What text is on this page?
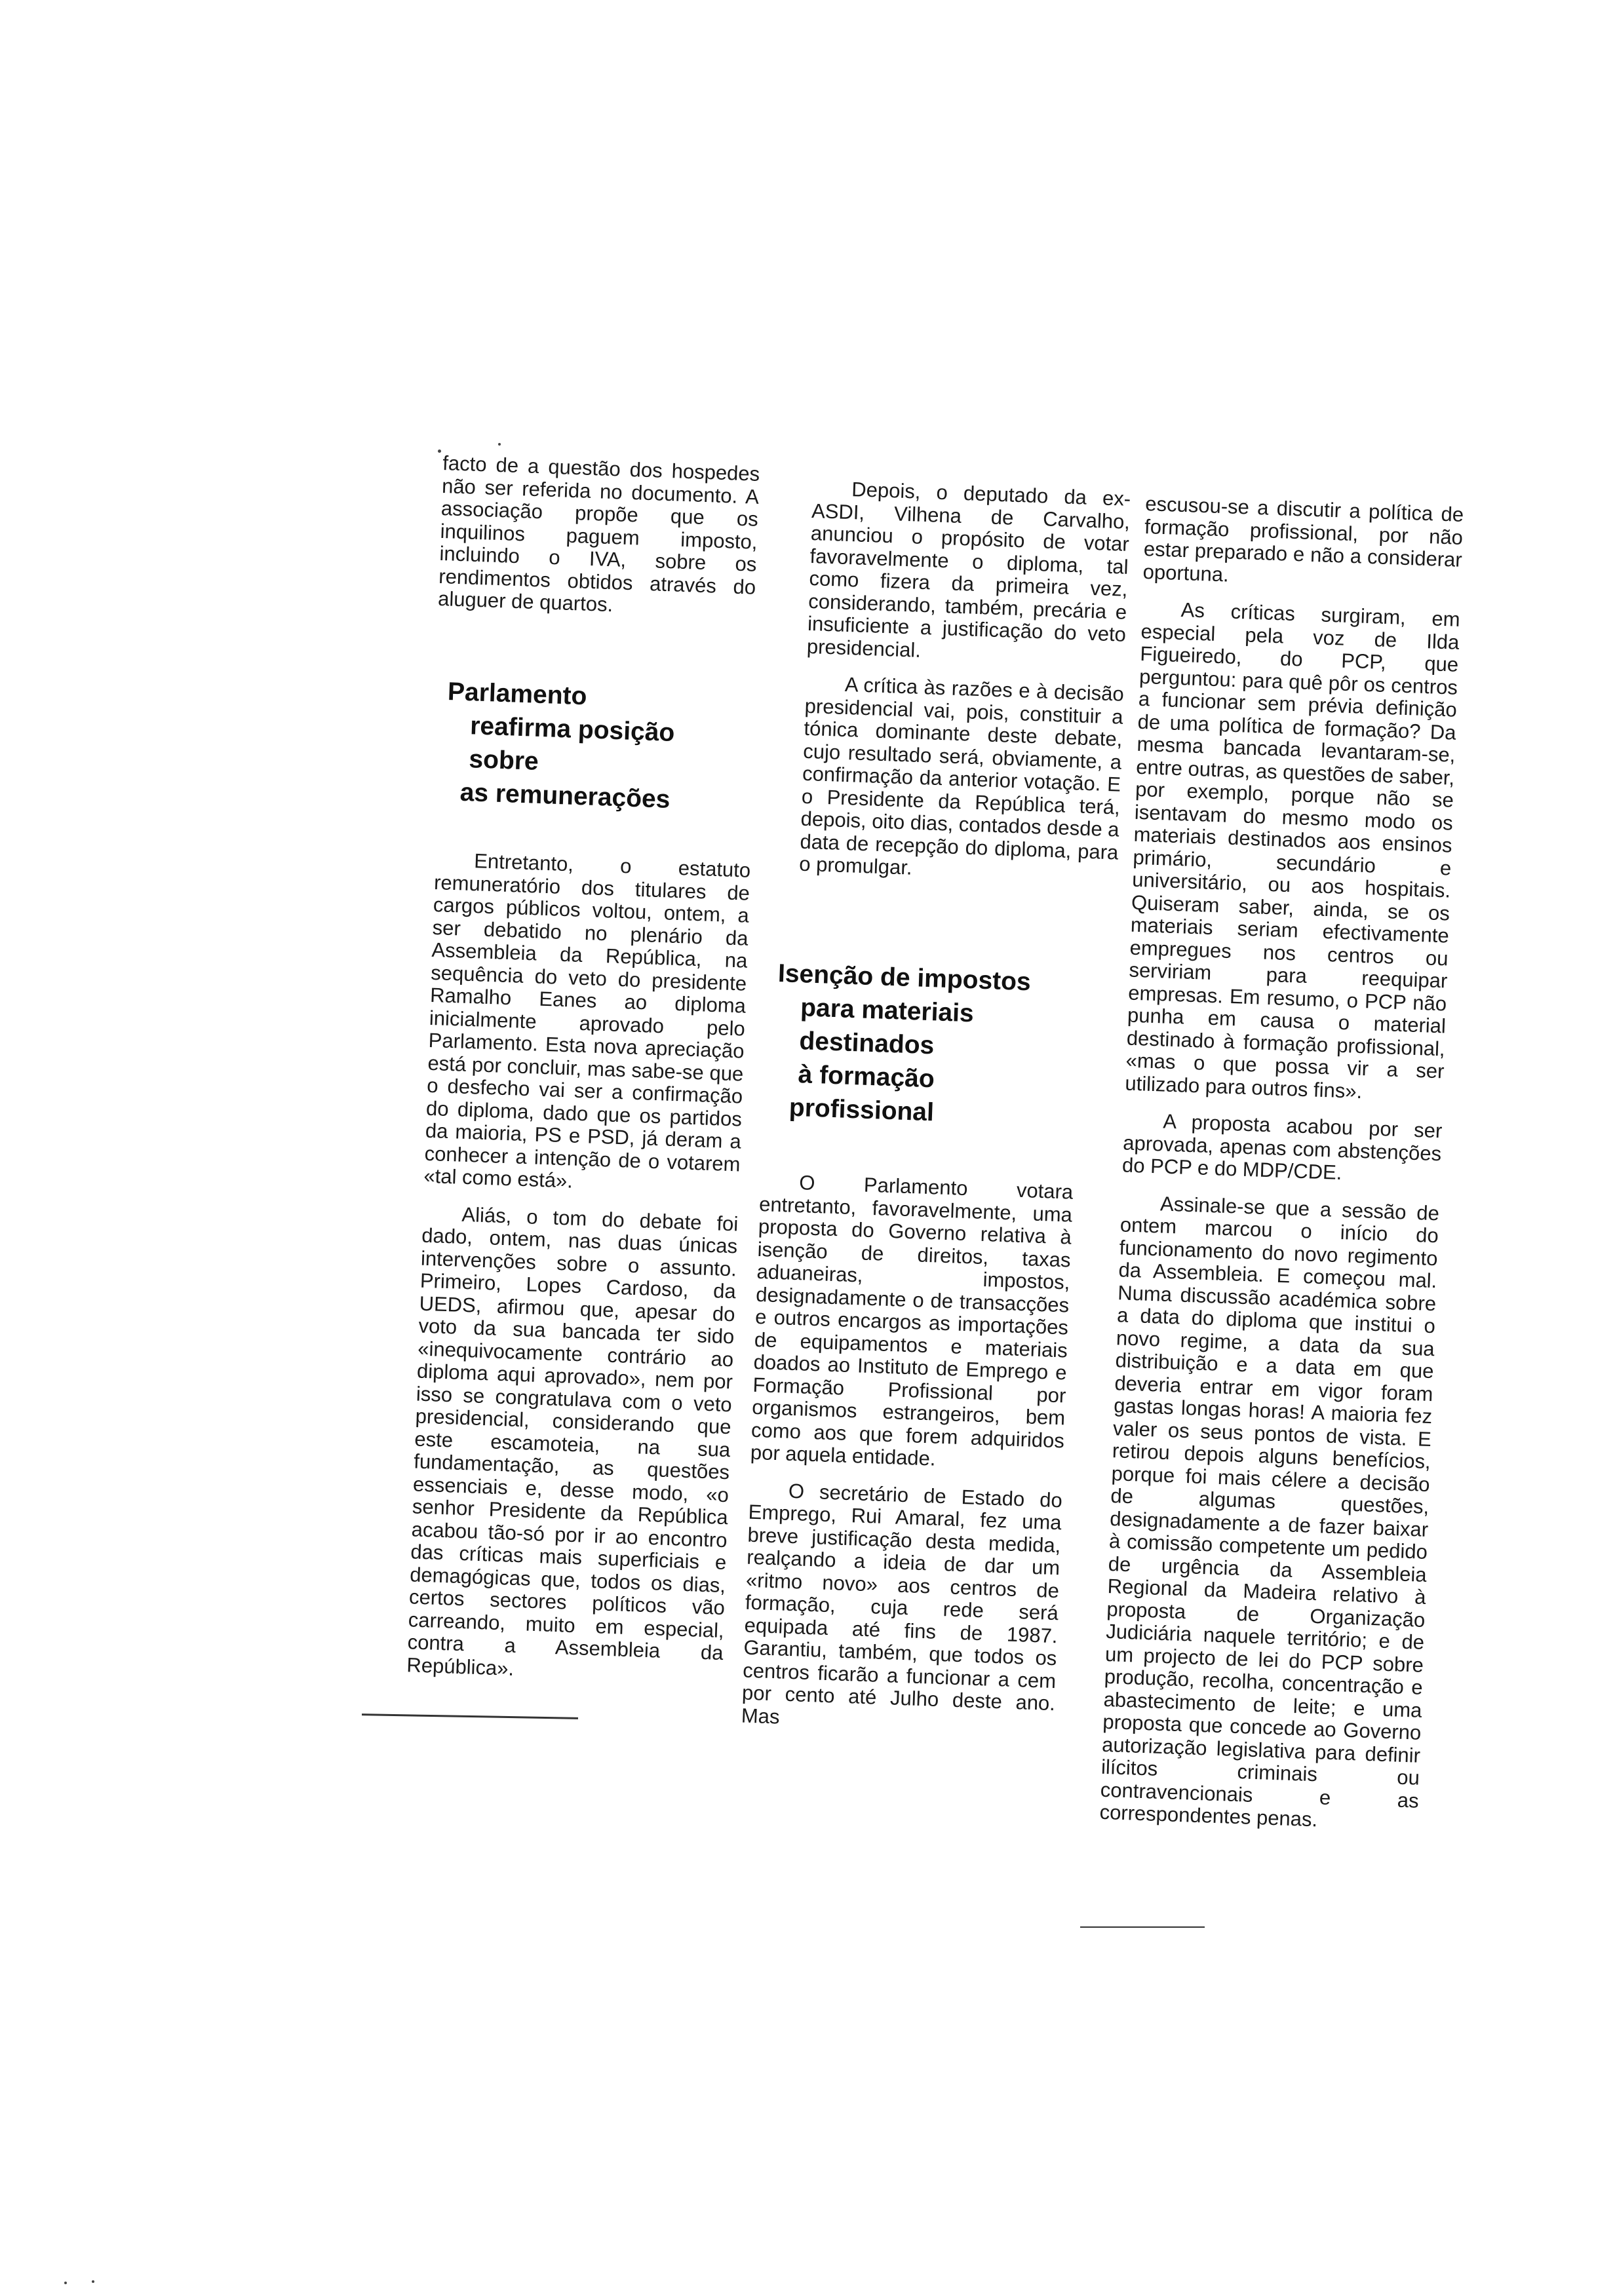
facto de a questão dos hospedes não ser referida no documento. A associação propõe que os inquilinos paguem imposto, incluindo o IVA, sobre os rendimentos obtidos através do aluguer de quartos.

Parlamento
reafirma posição
sobre
as remunerações

Entretanto, o estatuto remuneratório dos titulares de cargos públicos voltou, ontem, a ser debatido no plenário da Assembleia da República, na sequência do veto do presidente Ramalho Eanes ao diploma inicialmente aprovado pelo Parlamento. Esta nova apreciação está por concluir, mas sabe-se que o desfecho vai ser a confirmação do diploma, dado que os partidos da maioria, PS e PSD, já deram a conhecer a intenção de o votarem «tal como está».

Aliás, o tom do debate foi dado, ontem, nas duas únicas intervenções sobre o assunto. Primeiro, Lopes Cardoso, da UEDS, afirmou que, apesar do voto da sua bancada ter sido «inequivocamente contrário ao diploma aqui aprovado», nem por isso se congratulava com o veto presidencial, considerando que este escamoteia, na sua fundamentação, as questões essenciais e, desse modo, «o senhor Presidente da República acabou tão-só por ir ao encontro das críticas mais superficiais e demagógicas que, todos os dias, certos sectores políticos vão carreando, muito em especial, contra a Assembleia da República».

Depois, o deputado da ex-ASDI, Vilhena de Carvalho, anunciou o propósito de votar favoravelmente o diploma, tal como fizera da primeira vez, considerando, também, precária e insuficiente a justificação do veto presidencial.

A crítica às razões e à decisão presidencial vai, pois, constituir a tónica dominante deste debate, cujo resultado será, obviamente, a confirmação da anterior votação. E o Presidente da República terá, depois, oito dias, contados desde a data de recepção do diploma, para o promulgar.

Isenção de impostos
para materiais
destinados
à formação
profissional

O Parlamento votara entretanto, favoravelmente, uma proposta do Governo relativa à isenção de direitos, taxas aduaneiras, impostos, designadamente o de transacções e outros encargos as importações de equipamentos e materiais doados ao Instituto de Emprego e Formação Profissional por organismos estrangeiros, bem como aos que forem adquiridos por aquela entidade.

O secretário de Estado do Emprego, Rui Amaral, fez uma breve justificação desta medida, realçando a ideia de dar um «ritmo novo» aos centros de formação, cuja rede será equipada até fins de 1987. Garantiu, também, que todos os centros ficarão a funcionar a cem por cento até Julho deste ano. Mas

escusou-se a discutir a política de formação profissional, por não estar preparado e não a considerar oportuna.

As críticas surgiram, em especial pela voz de Ilda Figueiredo, do PCP, que perguntou: para quê pôr os centros a funcionar sem prévia definição de uma política de formação? Da mesma bancada levantaram-se, entre outras, as questões de saber, por exemplo, porque não se isentavam do mesmo modo os materiais destinados aos ensinos primário, secundário e universitário, ou aos hospitais. Quiseram saber, ainda, se os materiais seriam efectivamente empregues nos centros ou serviriam para reequipar empresas. Em resumo, o PCP não punha em causa o material destinado à formação profissional, «mas o que possa vir a ser utilizado para outros fins».

A proposta acabou por ser aprovada, apenas com abstenções do PCP e do MDP/CDE.

Assinale-se que a sessão de ontem marcou o início do funcionamento do novo regimento da Assembleia. E começou mal. Numa discussão académica sobre a data do diploma que institui o novo regime, a data da sua distribuição e a data em que deveria entrar em vigor foram gastas longas horas! A maioria fez valer os seus pontos de vista. E retirou depois alguns benefícios, porque foi mais célere a decisão de algumas questões, designadamente a de fazer baixar à comissão competente um pedido de urgência da Assembleia Regional da Madeira relativo à proposta de Organização Judiciária naquele território; e de um projecto de lei do PCP sobre produção, recolha, concentração e abastecimento de leite; e uma proposta que concede ao Governo autorização legislativa para definir ilícitos criminais ou contravencionais e as correspondentes penas.
